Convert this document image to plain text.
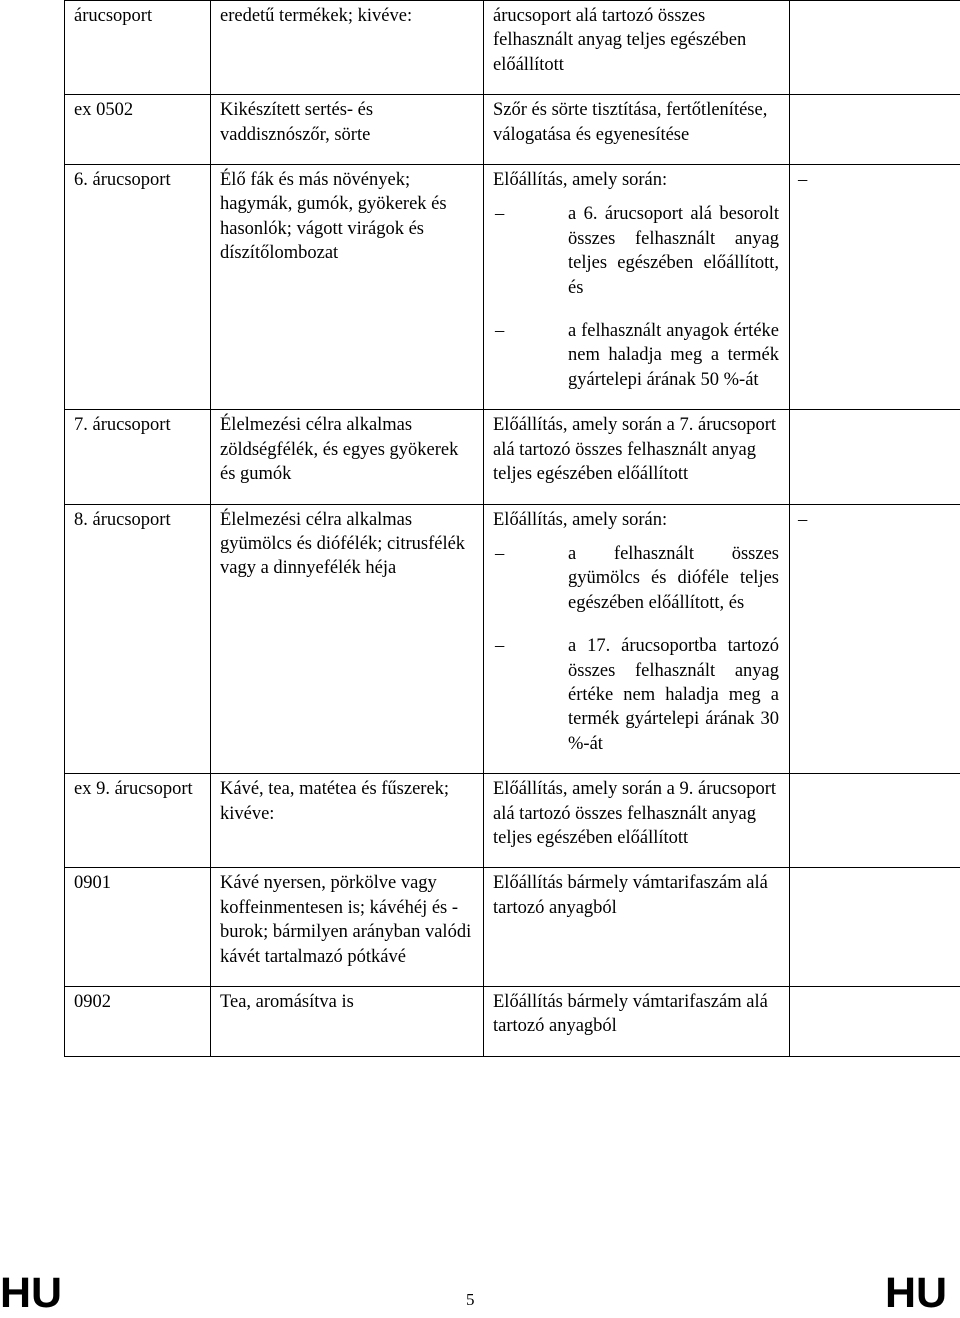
árucsoport	eredetű termékek; kivéve:	árucsoport alá tartozó összes felhasznált anyag teljes egészében előállított	

ex 0502	Kikészített sertés- és vaddisznószőr, sörte	Szőr és sörte tisztítása, fertőtlenítése, válogatása és egyenesítése	

6. árucsoport	Élő fák és más növények; hagymák, gumók, gyökerek és hasonlók; vágott virágok és díszítőlombozat	Előállítás, amely során:
– a 6. árucsoport alá besorolt összes felhasznált anyag teljes egészében előállított, és
– a felhasznált anyagok értéke nem haladja meg a termék gyártelepi árának 50 %-át	–

7. árucsoport	Élelmezési célra alkalmas zöldségfélék, és egyes gyökerek és gumók	Előállítás, amely során a 7. árucsoport alá tartozó összes felhasznált anyag teljes egészében előállított	

8. árucsoport	Élelmezési célra alkalmas gyümölcs és diófélék; citrusfélék vagy a dinnyefélék héja	Előállítás, amely során:
– a felhasznált összes gyümölcs és dióféle teljes egészében előállított, és
– a 17. árucsoportba tartozó összes felhasznált anyag értéke nem haladja meg a termék gyártelepi árának 30 %-át	–

ex 9. árucsoport	Kávé, tea, matétea és fűszerek; kivéve:	Előállítás, amely során a 9. árucsoport alá tartozó összes felhasznált anyag teljes egészében előállított	

0901	Kávé nyersen, pörkölve vagy koffeinmentesen is; kávéhéj és -burok; bármilyen arányban valódi kávét tartalmazó pótkávé	Előállítás bármely vámtarifaszám alá tartozó anyagból	

0902	Tea, aromásítva is	Előállítás bármely vámtarifaszám alá tartozó anyagból	

HU	5	HU
